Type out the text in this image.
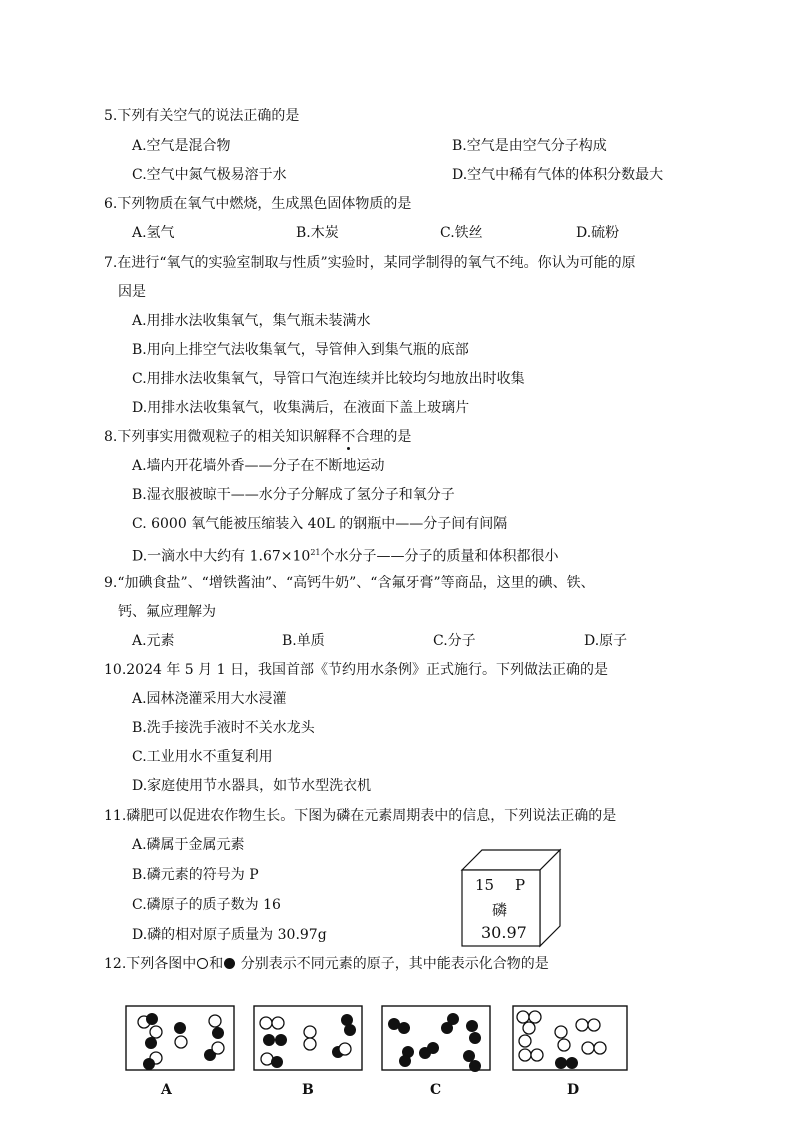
5.下列有关空气的说法正确的是
A.空气是混合物	B.空气是由空气分子构成
C.空气中氮气极易溶于水	D.空气中稀有气体的体积分数最大
6.下列物质在氧气中燃烧，生成黑色固体物质的是
A.氢气	B.木炭	C.铁丝	D.硫粉
7.在进行“氧气的实验室制取与性质”实验时，某同学制得的氧气不纯。你认为可能的原
因是
A.用排水法收集氧气，集气瓶未装满水
B.用向上排空气法收集氧气，导管伸入到集气瓶的底部
C.用排水法收集氧气，导管口气泡连续并比较均匀地放出时收集
D.用排水法收集氧气，收集满后，在液面下盖上玻璃片
8.下列事实用微观粒子的相关知识解释不合理的是
A.墙内开花墙外香——分子在不断地运动
B.湿衣服被晾干——水分子分解成了氢分子和氧分子
C. 6000 氧气能被压缩装入 40L 的钢瓶中——分子间有间隔
D.一滴水中大约有 $1.67\times 10^{21}$个水分子——分子的质量和体积都很小
9.“加碘食盐”、“增铁酱油”、“高钙牛奶”、“含氟牙膏”等商品，这里的碘、铁、
钙、氟应理解为
A.元素	B.单质	C.分子	D.原子
10.2024 年 5 月 1 日，我国首部《节约用水条例》正式施行。下列做法正确的是
A.园林浇灌采用大水浸灌
B.洗手接洗手液时不关水龙头
C.工业用水不重复利用
D.家庭使用节水器具，如节水型洗衣机
11.磷肥可以促进农作物生长。下图为磷在元素周期表中的信息，下列说法正确的是
A.磷属于金属元素
B.磷元素的符号为 P
C.磷原子的质子数为 16
D.磷的相对原子质量为 30.97g
15 P
磷
30.97
12.下列各图中 和 分别表示不同元素的原子，其中能表示化合物的是
A	B	C	D
